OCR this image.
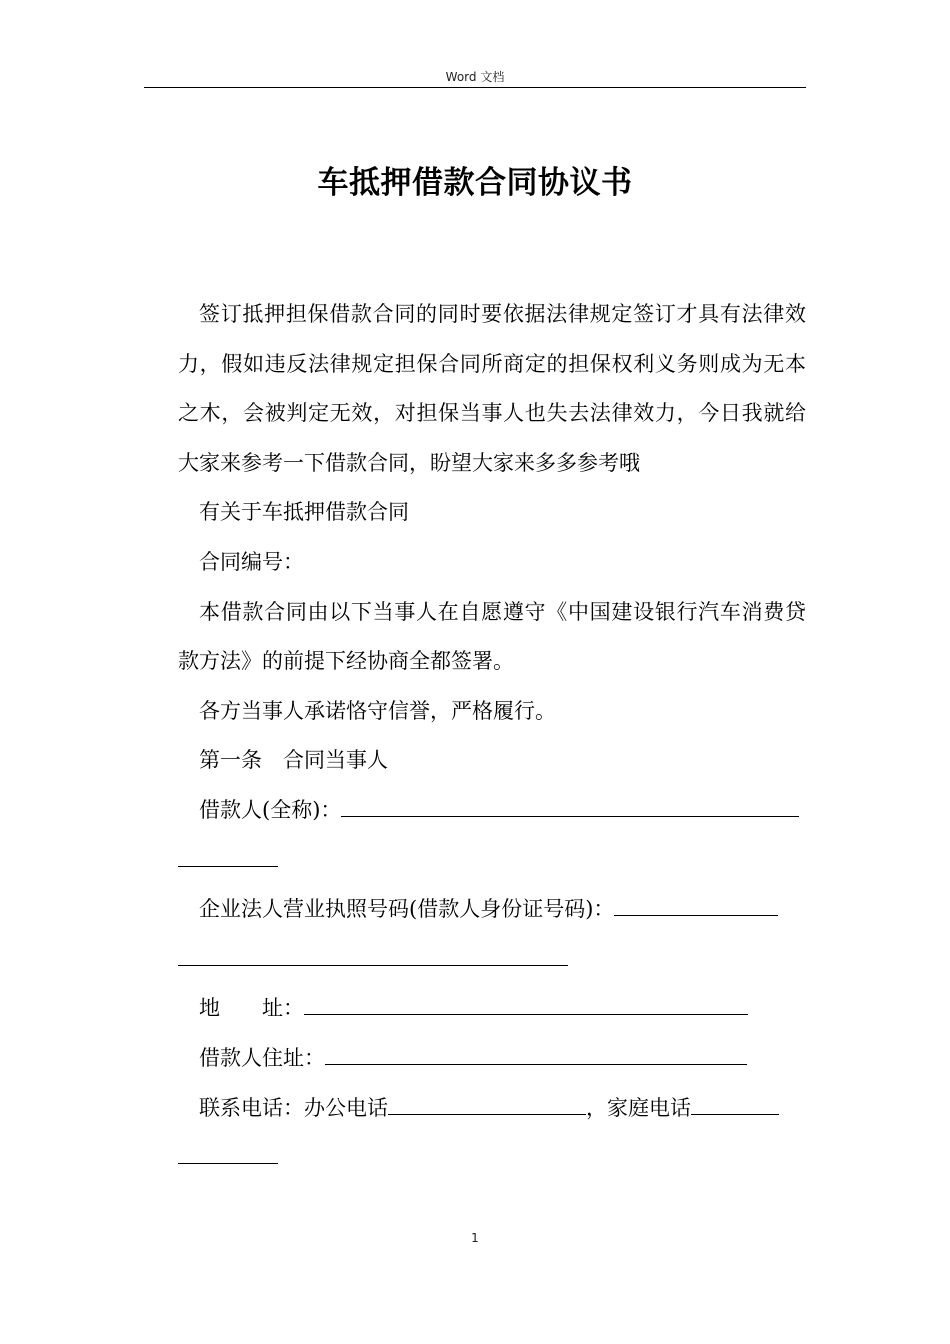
Word 文档
车抵押借款合同协议书

签订抵押担保借款合同的同时要依据法律规定签订才具有法律效力，假如违反法律规定担保合同所商定的担保权利义务则成为无本之木，会被判定无效，对担保当事人也失去法律效力，今日我就给大家来参考一下借款合同，盼望大家来多多参考哦

有关于车抵押借款合同

合同编号：

本借款合同由以下当事人在自愿遵守《中国建设银行汽车消费贷款方法》的前提下经协商全都签署。

各方当事人承诺恪守信誉，严格履行。

第一条　合同当事人

借款人(全称)：

企业法人营业执照号码(借款人身份证号码)：

地　　址：

借款人住址：

联系电话：办公电话	，家庭电话

1
